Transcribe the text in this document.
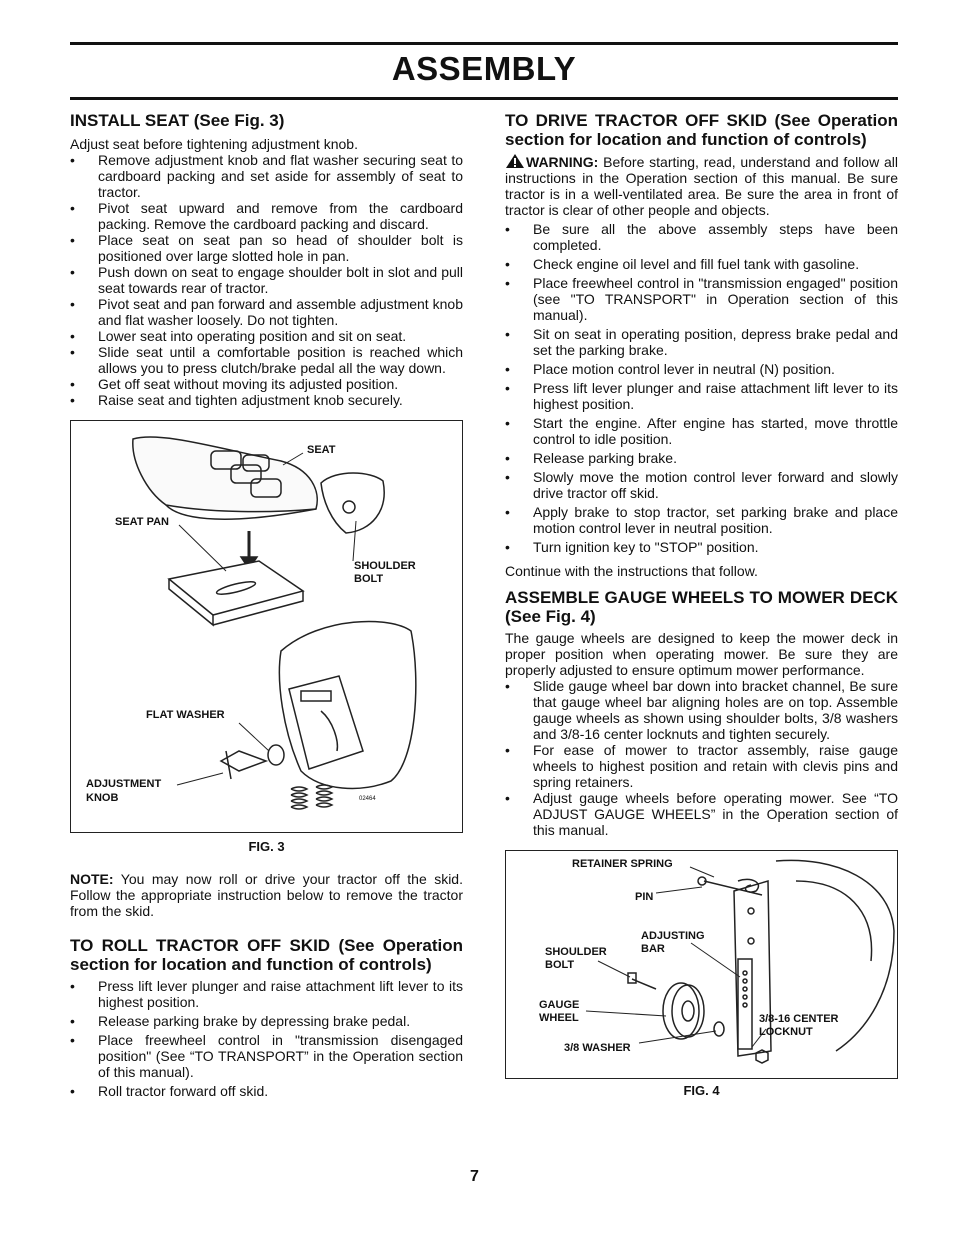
ASSEMBLY
INSTALL SEAT (See Fig. 3)

Adjust seat before tightening adjustment knob.

• Remove adjustment knob and flat washer securing seat to cardboard packing and set aside for assembly of seat to tractor.
• Pivot seat upward and remove from the cardboard packing. Remove the cardboard packing and discard.
• Place seat on seat pan so head of shoulder bolt is positioned over large slotted hole in pan.
• Push down on seat to engage shoulder bolt in slot and pull seat towards rear of tractor.
• Pivot seat and pan forward and assemble adjustment knob and flat washer loosely. Do not tighten.
• Lower seat into operating position and sit on seat.
• Slide seat until a comfortable position is reached which allows you to press clutch/brake pedal all the way down.
• Get off seat without moving its adjusted position.
• Raise seat and tighten adjustment knob securely.
SEAT
SEAT PAN
SHOULDER
BOLT
FLAT WASHER
ADJUSTMENT
KNOB	02464
FIG. 3

NOTE: You may now roll or drive your tractor off the skid. Follow the appropriate instruction below to remove the tractor from the skid.

TO ROLL TRACTOR OFF SKID (See Operation section for location and function of controls)
• Press lift lever plunger and raise attachment lift lever to its highest position.
• Release parking brake by depressing brake pedal.
• Place freewheel control in "transmission disengaged position" (See “TO TRANSPORT” in the Operation section of this manual).
• Roll tractor forward off skid.
TO DRIVE TRACTOR OFF SKID (See Operation section for location and function of controls)

WARNING: Before starting, read, understand and follow all instructions in the Operation section of this manual. Be sure tractor is in a well-ventilated area. Be sure the area in front of tractor is clear of other people and objects.

• Be sure all the above assembly steps have been completed.
• Check engine oil level and fill fuel tank with gasoline.
• Place freewheel control in "transmission engaged" position (see "TO TRANSPORT" in Operation section of this manual).
• Sit on seat in operating position, depress brake pedal and set the parking brake.
• Place motion control lever in neutral (N) position.
• Press lift lever plunger and raise attachment lift lever to its highest position.
• Start the engine. After engine has started, move throttle control to idle position.
• Release parking brake.
• Slowly move the motion control lever forward and slowly drive tractor off skid.
• Apply brake to stop tractor, set parking brake and place motion control lever in neutral position.
• Turn ignition key to "STOP" position.

Continue with the instructions that follow.

ASSEMBLE GAUGE WHEELS TO MOWER DECK (See Fig. 4)

The gauge wheels are designed to keep the mower deck in proper position when operating mower. Be sure they are properly adjusted to ensure optimum mower performance.

• Slide gauge wheel bar down into bracket channel, Be sure that gauge wheel bar aligning holes are on top. Assemble gauge wheels as shown using shoulder bolts, 3/8 washers and 3/8-16 center locknuts and tighten securely.
• For ease of mower to tractor assembly, raise gauge wheels to highest position and retain with clevis pins and spring retainers.
• Adjust gauge wheels before operating mower. See “TO ADJUST GAUGE WHEELS” in the Operation section of this manual.
RETAINER SPRING
PIN
ADJUSTING
BAR
SHOULDER
BOLT
GAUGE
WHEEL	3/8-16 CENTER
LOCKNUT
3/8 WASHER
FIG. 4
7
